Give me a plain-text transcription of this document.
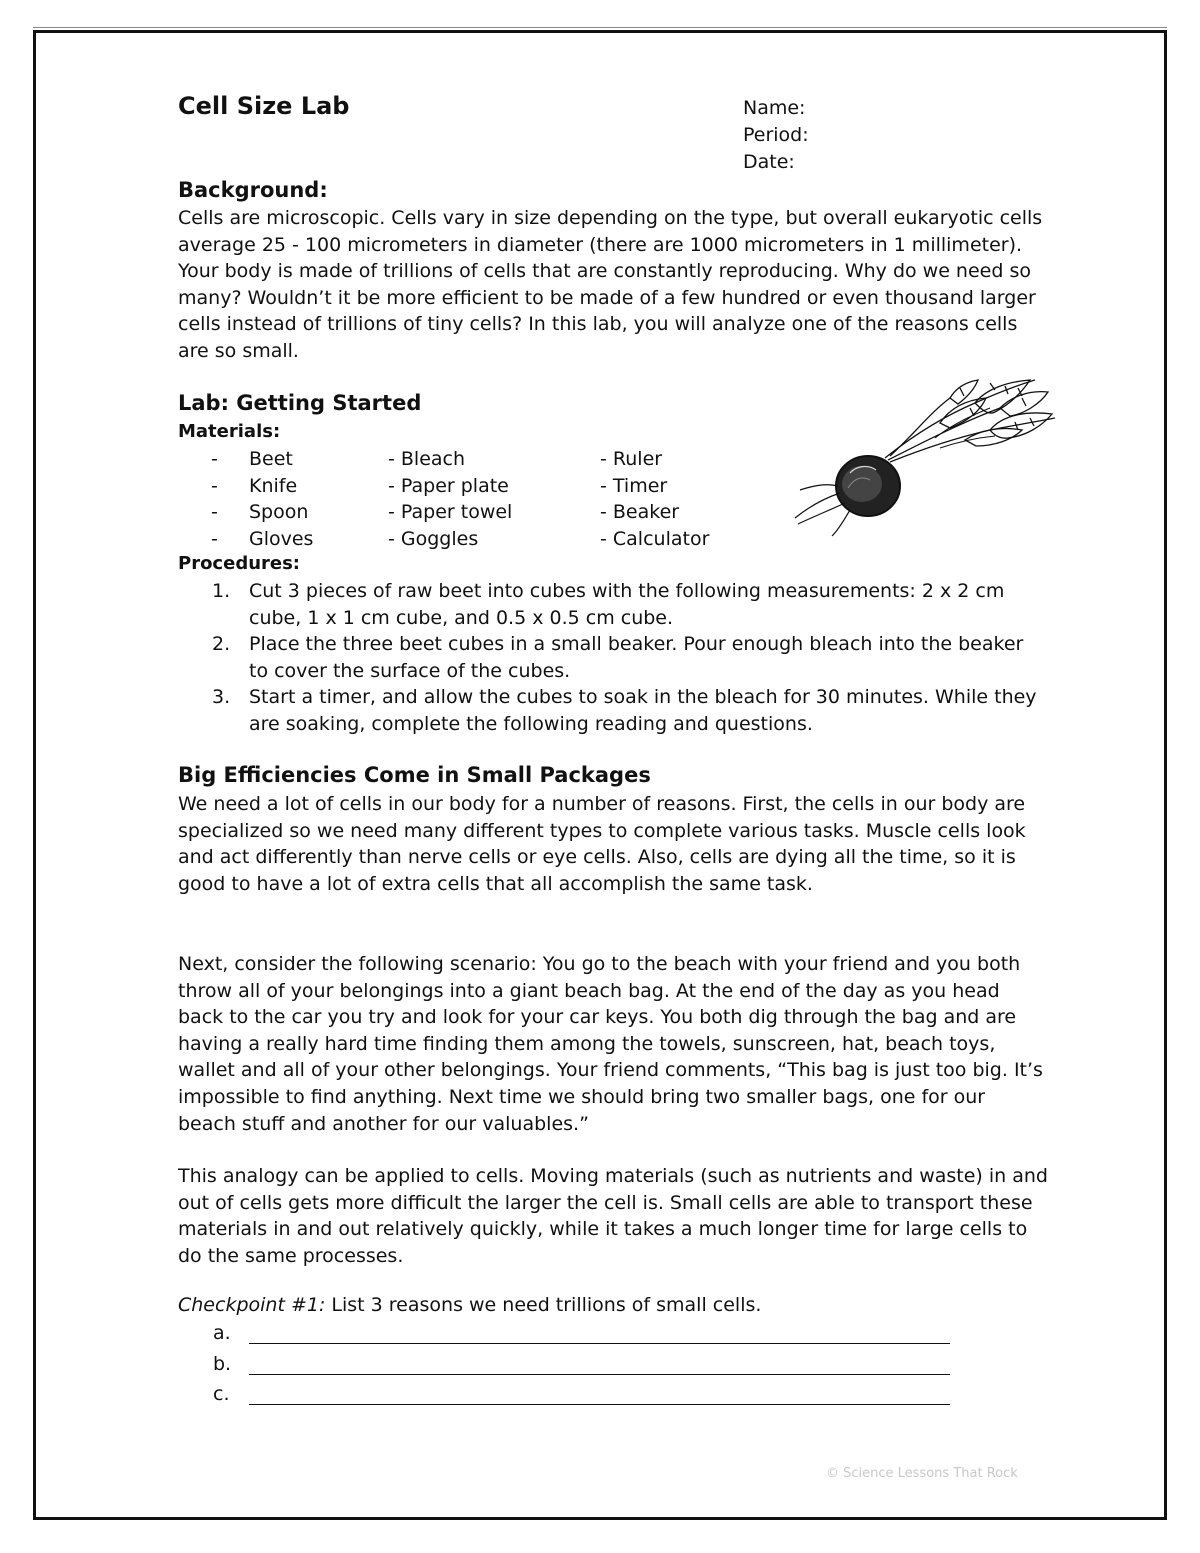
Cell Size Lab	Name:
Period:
Date:
Background:

Cells are microscopic. Cells vary in size depending on the type, but overall eukaryotic cells average 25 - 100 micrometers in diameter (there are 1000 micrometers in 1 millimeter). Your body is made of trillions of cells that are constantly reproducing. Why do we need so many? Wouldn’t it be more efficient to be made of a few hundred or even thousand larger cells instead of trillions of tiny cells? In this lab, you will analyze one of the reasons cells are so small.

Lab: Getting Started
Materials:
-
-
-
-
Beet
Knife
Spoon
Gloves
- Bleach
- Paper plate
- Paper towel
- Goggles
- Ruler
- Timer
- Beaker
- Calculator
Procedures:
1. Cut 3 pieces of raw beet into cubes with the following measurements: 2 x 2 cm cube, 1 x 1 cm cube, and 0.5 x 0.5 cm cube.
2. Place the three beet cubes in a small beaker. Pour enough bleach into the beaker to cover the surface of the cubes.
3. Start a timer, and allow the cubes to soak in the bleach for 30 minutes. While they are soaking, complete the following reading and questions.
Big Efficiencies Come in Small Packages

We need a lot of cells in our body for a number of reasons. First, the cells in our body are specialized so we need many different types to complete various tasks. Muscle cells look and act differently than nerve cells or eye cells. Also, cells are dying all the time, so it is good to have a lot of extra cells that all accomplish the same task.

Next, consider the following scenario: You go to the beach with your friend and you both throw all of your belongings into a giant beach bag. At the end of the day as you head back to the car you try and look for your car keys. You both dig through the bag and are having a really hard time finding them among the towels, sunscreen, hat, beach toys, wallet and all of your other belongings. Your friend comments, “This bag is just too big. It’s impossible to find anything. Next time we should bring two smaller bags, one for our beach stuff and another for our valuables.”

This analogy can be applied to cells. Moving materials (such as nutrients and waste) in and out of cells gets more difficult the larger the cell is. Small cells are able to transport these materials in and out relatively quickly, while it takes a much longer time for large cells to do the same processes.

Checkpoint #1: List 3 reasons we need trillions of small cells.

a.
b.
c.
© Science Lessons That Rock
